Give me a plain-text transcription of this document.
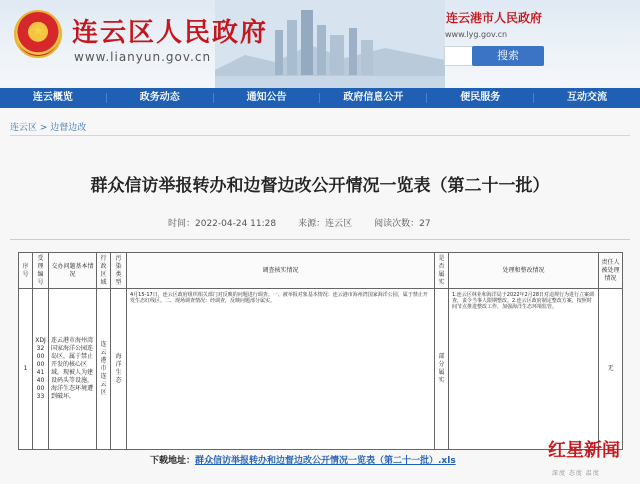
★ 连云区人民政府
www.lianyun.gov.cn
连云港市人民政府
www.lyg.gov.cn
搜索
连云概览	政务动态	通知公告	政府信息公开	便民服务	互动交流
连云区 > 边督边改
群众信访举报转办和边督边改公开情况一览表（第二十一批）
时间：2022-04-24 11:28 来源：连云区 阅读次数：27
序号	受理编号	交办问题基本情况	行政区域	污染类型	调查核实情况	是否属实	处理和整改情况	责任人被处理情况
1	XDJ32000041400033	连云港市海州湾国家海洋公园连岛区，属于禁止开发的核心区域，现被人为建设码头等设施，海洋生态环境遭到破坏。	连云港市连云区	海洋生态	4月15-17日，连云区政府组织相关部门对反映的问题进行调查。一、被举报对象基本情况：连云港市海州湾国家海洋公园，属于禁止开发生态红线区。二、现场调查情况：经调查，反映问题部分属实。	部分属实	1.连云区林业和海洋局于2022年2月28日对违规行为进行立案调查，责令当事人限期整改。2.连云区政府制定整改方案，按照时间节点推进整改工作，加强海洋生态环境监管。	无
下载地址：群众信访举报转办和边督边改公开情况一览表（第二十一批）.xls	红星新闻
深度 态度 温度
